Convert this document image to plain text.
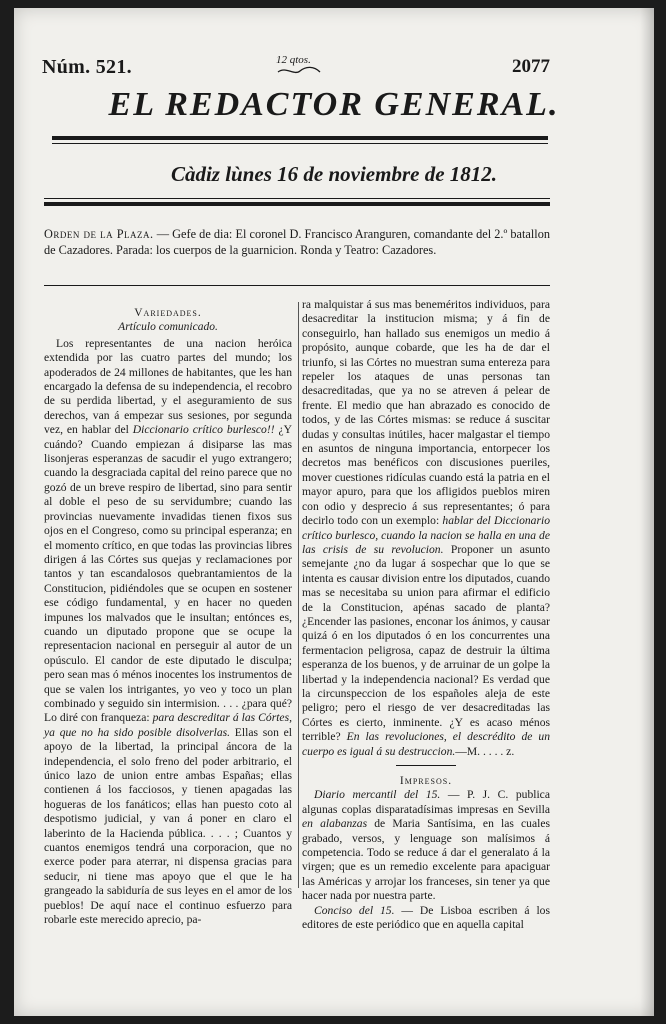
Núm. 521.	12 qtos.	2077
EL REDACTOR GENERAL.
Càdiz lùnes 16 de noviembre de 1812.
Orden de la Plaza. — Gefe de dia: El coronel D. Francisco Aranguren, comandante del 2.º batallon de Cazadores. Parada: los cuerpos de la guarnicion. Ronda y Teatro: Cazadores.
Variedades.
Artículo comunicado.

Los representantes de una nacion heróica extendida por las cuatro partes del mundo; los apoderados de 24 millones de habitantes, que les han encargado la defensa de su independencia, el recobro de su perdida libertad, y el aseguramiento de sus derechos, van á empezar sus sesiones, por segunda vez, en hablar del Diccionario crítico burlesco!! ¿Y cuándo? Cuando empiezan á disiparse las mas lisonjeras esperanzas de sacudir el yugo extrangero; cuando la desgraciada capital del reino parece que no gozó de un breve respiro de libertad, sino para sentir al doble el peso de su servidumbre; cuando las provincias nuevamente invadidas tienen fixos sus ojos en el Congreso, como su principal esperanza; en el momento crítico, en que todas las provincias libres dirigen á las Córtes sus quejas y reclamaciones por tantos y tan escandalosos quebrantamientos de la Constitucion, pidiéndoles que se ocupen en sostener ese código fundamental, y en hacer no queden impunes los malvados que le insultan; entónces es, cuando un diputado propone que se ocupe la representacion nacional en perseguir al autor de un opúsculo. El candor de este diputado le disculpa; pero sean mas ó ménos inocentes los instrumentos de que se valen los intrigantes, yo veo y toco un plan combinado y seguido sin intermision. . . . ¿para qué? Lo diré con franqueza: para descreditar á las Córtes, ya que no ha sido posible disolverlas. Ellas son el apoyo de la libertad, la principal áncora de la independencia, el solo freno del poder arbitrario, el único lazo de union entre ambas Españas; ellas contienen á los facciosos, y tienen apagadas las hogueras de los fanáticos; ellas han puesto coto al despotismo judicial, y van á poner en claro el laberinto de la Hacienda pública. . . . ; Cuantos y cuantos enemigos tendrá una corporacion, que no exerce poder para aterrar, ni dispensa gracias para seducir, ni tiene mas apoyo que el que le ha grangeado la sabiduría de sus leyes en el amor de los pueblos! De aquí nace el continuo esfuerzo para robarle este merecido aprecio, pa-

ra malquistar á sus mas beneméritos individuos, para desacreditar la institucion misma; y á fin de conseguirlo, han hallado sus enemigos un medio á propósito, aunque cobarde, que les ha de dar el triunfo, si las Córtes no muestran suma entereza para repeler los ataques de unas personas tan desacreditadas, que ya no se atreven á pelear de frente. El medio que han abrazado es conocido de todos, y de las Córtes mismas: se reduce á suscitar dudas y consultas inútiles, hacer malgastar el tiempo en asuntos de ninguna importancia, entorpecer los decretos mas benéficos con discusiones pueriles, mover cuestiones ridículas cuando está la patria en el mayor apuro, para que los afligidos pueblos miren con odio y desprecio á sus representantes; ó para decirlo todo con un exemplo: hablar del Diccionario crítico burlesco, cuando la nacion se halla en una de las crisis de su revolucion. Proponer un asunto semejante ¿no da lugar á sospechar que lo que se intenta es causar division entre los diputados, cuando mas se necesitaba su union para afirmar el edificio de la Constitucion, apénas sacado de planta? ¿Encender las pasiones, enconar los ánimos, y causar quizá ó en los diputados ó en los concurrentes una fermentacion peligrosa, capaz de destruir la última esperanza de los buenos, y de arruinar de un golpe la libertad y la independencia nacional? Es verdad que la circunspeccion de los españoles aleja de este peligro; pero el riesgo de ver desacreditadas las Córtes es cierto, inminente. ¿Y es acaso ménos terrible? En las revoluciones, el descrédito de un cuerpo es igual á su destruccion.—M. . . . . z.

Impresos.

Diario mercantil del 15. — P. J. C. publica algunas coplas disparatadísimas impresas en Sevilla en alabanzas de Maria Santísima, en las cuales grabado, versos, y lenguage son malísimos á competencia. Todo se reduce á dar el generalato á la virgen; que es un remedio excelente para apaciguar las Américas y arrojar los franceses, sin tener ya que hacer nada por nuestra parte.

Conciso del 15. — De Lisboa escriben á los editores de este periódico que en aquella capital
